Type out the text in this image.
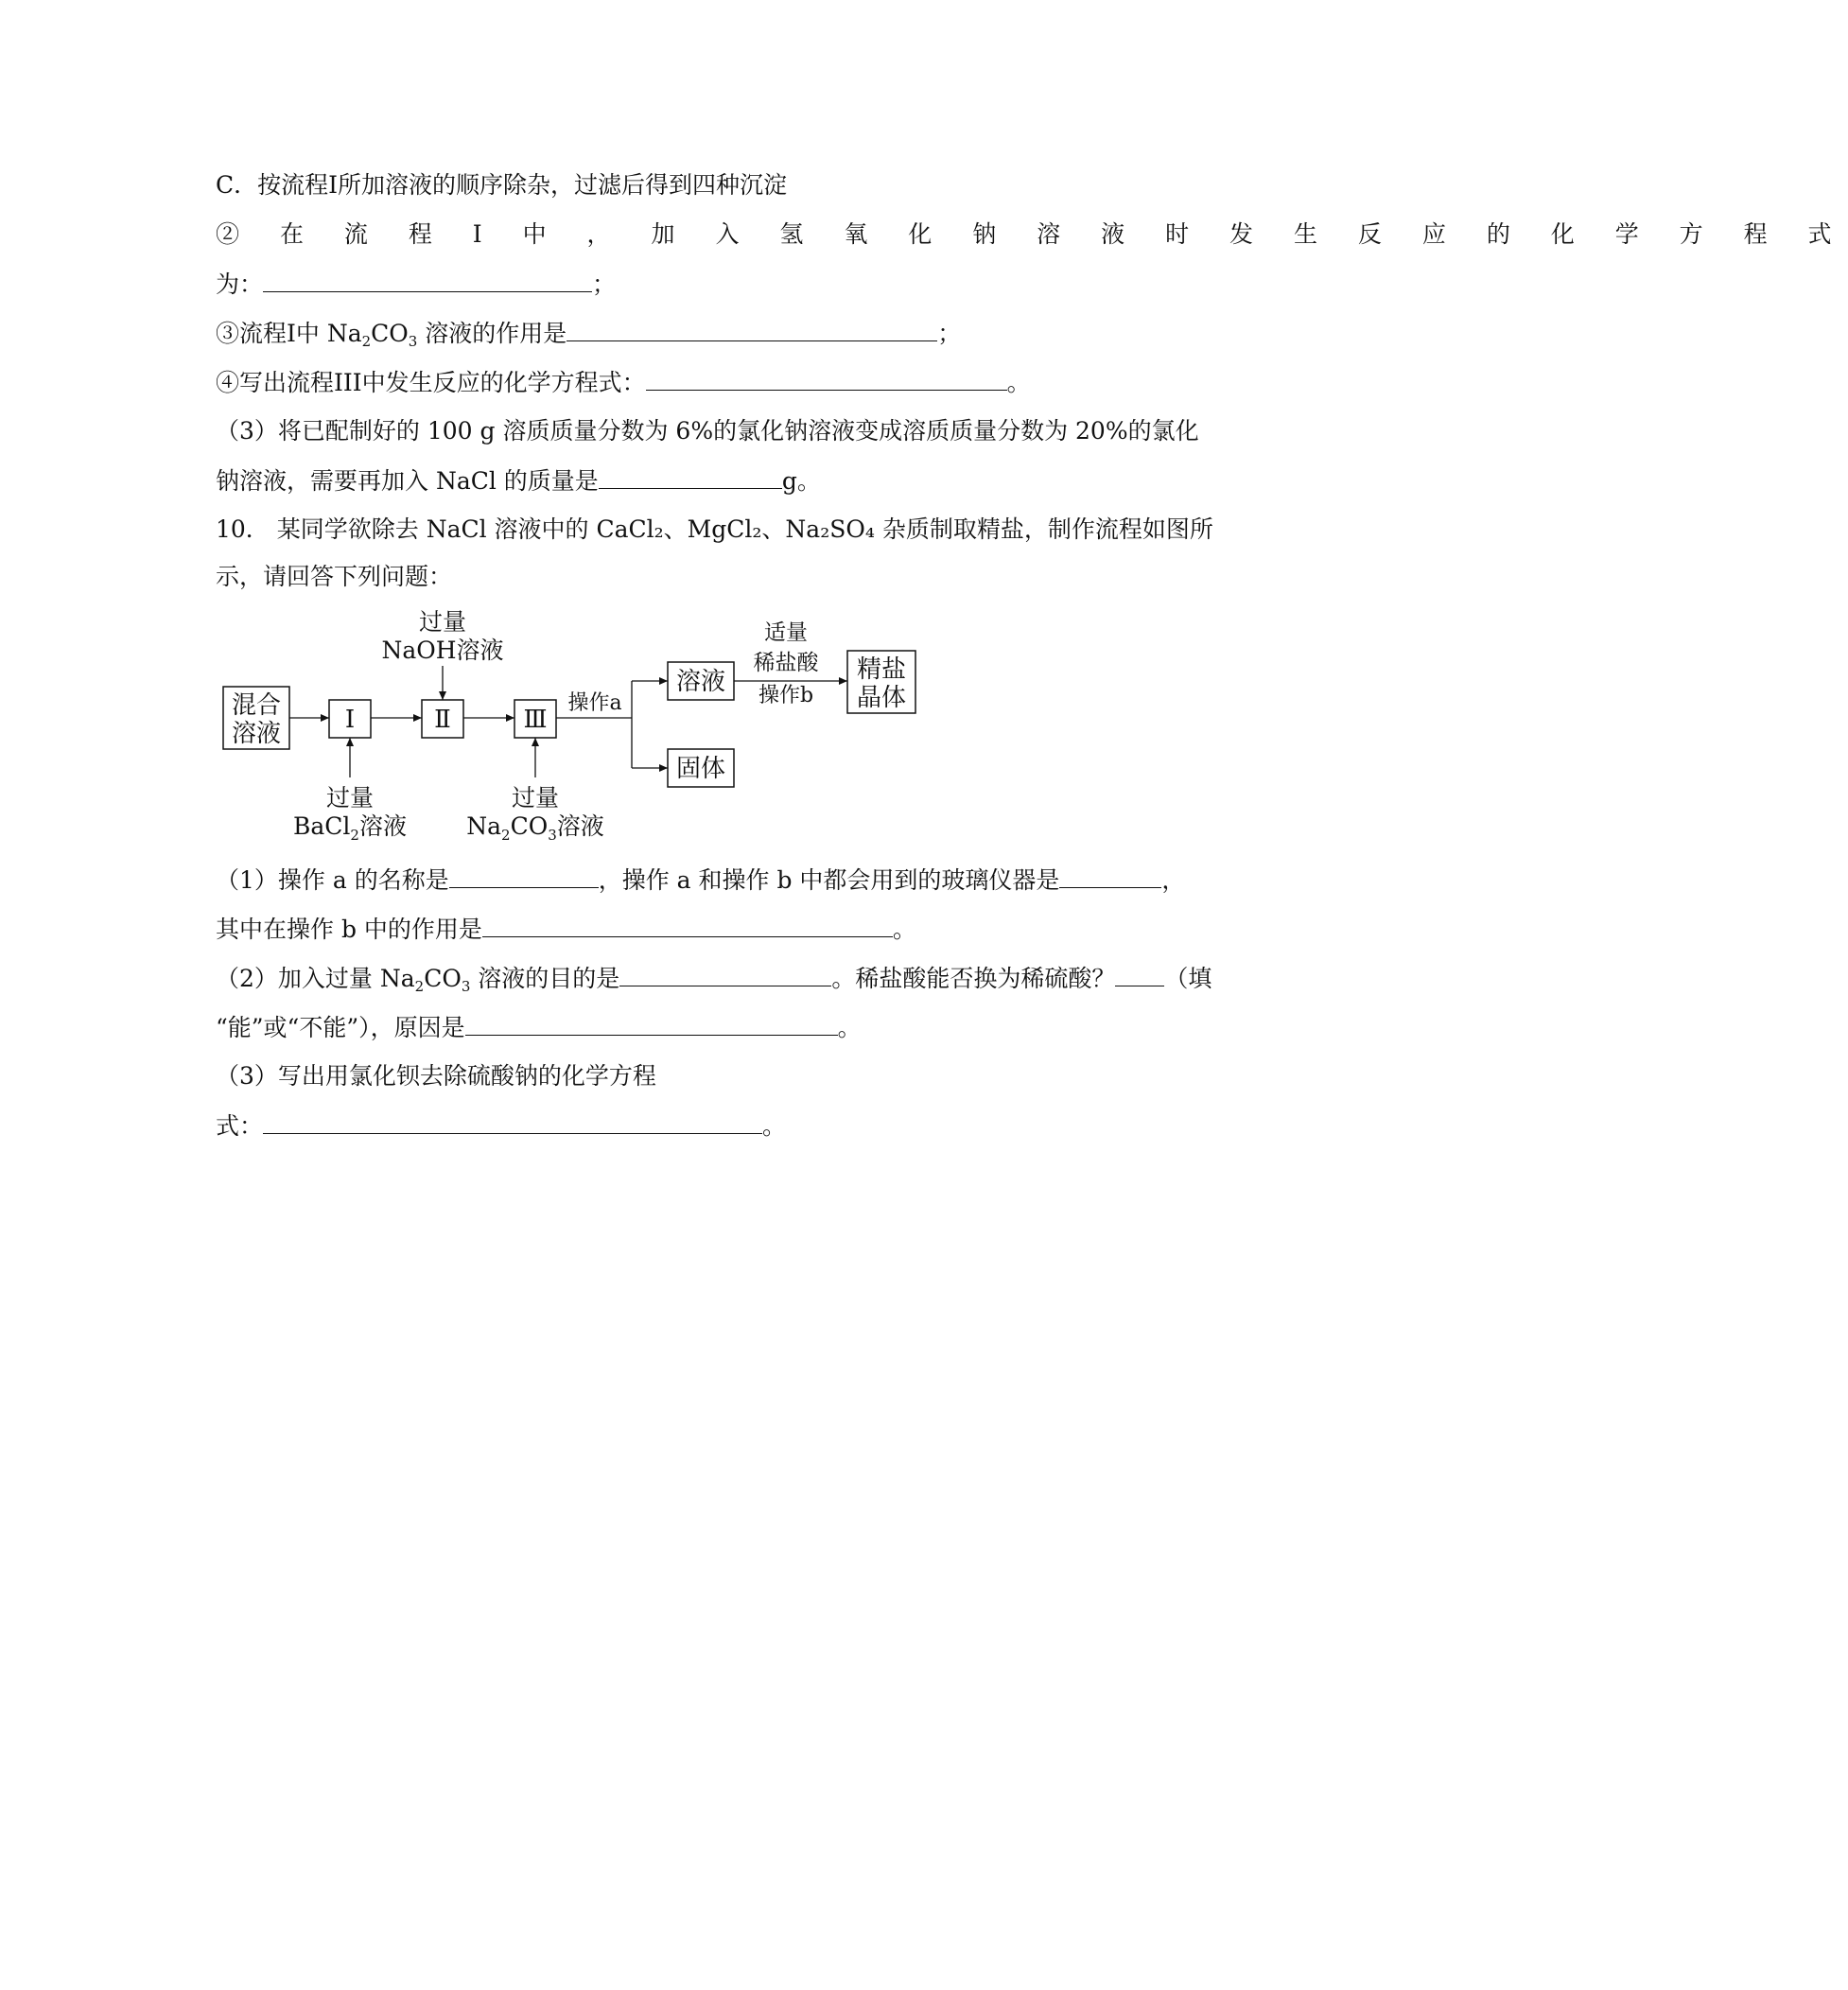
C．按流程I所加溶液的顺序除杂，过滤后得到四种沉淀
② 在 流 程 I 中 ， 加 入 氢 氧 化 钠 溶 液 时 发 生 反 应 的 化 学 方 程 式
为：	；
③流程I中 $Na_2CO_3$ 溶液的作用是	；
④写出流程III中发生反应的化学方程式：	。
（3）将已配制好的 100 g 溶质质量分数为 6%的氯化钠溶液变成溶质质量分数为 20%的氯化
钠溶液，需要再加入 NaCl 的质量是	g。
10． 某同学欲除去 NaCl 溶液中的 CaCl₂、MgCl₂、Na₂SO₄ 杂质制取精盐，制作流程如图所
示，请回答下列问题：
混合
溶液	Ⅰ	Ⅱ	Ⅲ
过量
NaOH溶液
过量
BaCl$_2$溶液
过量
$Na_2CO_3$溶液
操作a
溶液
固体
适量
稀盐酸
操作b
精盐
晶体
（1）操作 a 的名称是	，操作 a 和操作 b 中都会用到的玻璃仪器是	，
其中在操作 b 中的作用是	。
（2）加入过量 $Na_2CO_3$ 溶液的目的是	。稀盐酸能否换为稀硫酸？ （填
“能”或“不能”），原因是	。
（3）写出用氯化钡去除硫酸钠的化学方程
式：	。
